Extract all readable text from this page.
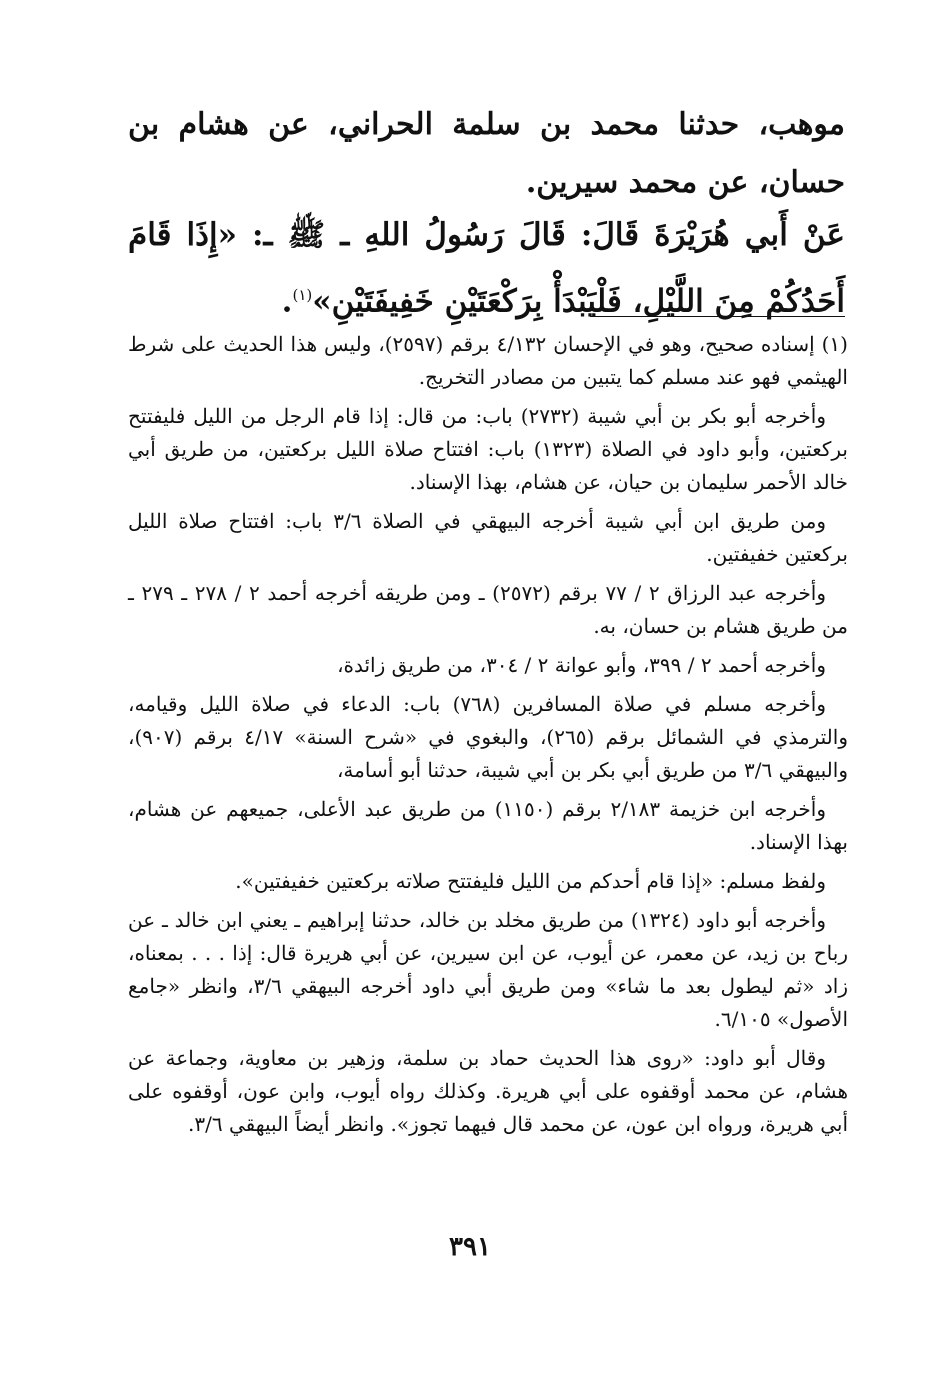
موهب، حدثنا محمد بن سلمة الحراني، عن هشام بن حسان، عن محمد سيرين.
عَنْ أَبي هُرَيْرَةَ قَالَ: قَالَ رَسُولُ اللهِ ـ ﷺ ـ: «إِذَا قَامَ أَحَدُكُمْ مِنَ اللَّيْلِ، فَلْيَبْدَأْ بِرَكْعَتَيْنِ خَفِيفَتَيْنِ»$^{(١)}$.

(١) إسناده صحيح، وهو في الإحسان ٤/١٣٢ برقم (٢٥٩٧)، وليس هذا الحديث على شرط الهيثمي فهو عند مسلم كما يتبين من مصادر التخريج.

وأخرجه أبو بكر بن أبي شيبة (٢٧٣٢) باب: من قال: إذا قام الرجل من الليل فليفتتح بركعتين، وأبو داود في الصلاة (١٣٢٣) باب: افتتاح صلاة الليل بركعتين، من طريق أبي خالد الأحمر سليمان بن حيان، عن هشام، بهذا الإسناد.

ومن طريق ابن أبي شيبة أخرجه البيهقي في الصلاة ٣/٦ باب: افتتاح صلاة الليل بركعتين خفيفتين.

وأخرجه عبد الرزاق ٢ / ٧٧ برقم (٢٥٧٢) ـ ومن طريقه أخرجه أحمد ٢ / ٢٧٨ ـ ٢٧٩ ـ من طريق هشام بن حسان، به.

وأخرجه أحمد ٢ / ٣٩٩، وأبو عوانة ٢ / ٣٠٤، من طريق زائدة،

وأخرجه مسلم في صلاة المسافرين (٧٦٨) باب: الدعاء في صلاة الليل وقيامه، والترمذي في الشمائل برقم (٢٦٥)، والبغوي في «شرح السنة» ٤/١٧ برقم (٩٠٧)، والبيهقي ٣/٦ من طريق أبي بكر بن أبي شيبة، حدثنا أبو أسامة،

وأخرجه ابن خزيمة ٢/١٨٣ برقم (١١٥٠) من طريق عبد الأعلى، جميعهم عن هشام، بهذا الإسناد.

ولفظ مسلم: «إذا قام أحدكم من الليل فليفتتح صلاته بركعتين خفيفتين».

وأخرجه أبو داود (١٣٢٤) من طريق مخلد بن خالد، حدثنا إبراهيم ـ يعني ابن خالد ـ عن رباح بن زيد، عن معمر، عن أيوب، عن ابن سيرين، عن أبي هريرة قال: إذا . . . بمعناه، زاد «ثم ليطول بعد ما شاء» ومن طريق أبي داود أخرجه البيهقي ٣/٦، وانظر «جامع الأصول» ٦/١٠٥.

وقال أبو داود: «روى هذا الحديث حماد بن سلمة، وزهير بن معاوية، وجماعة عن هشام، عن محمد أوقفوه على أبي هريرة. وكذلك رواه أيوب، وابن عون، أوقفوه على أبي هريرة، ورواه ابن عون، عن محمد قال فيهما تجوز». وانظر أيضاً البيهقي ٣/٦.

٣٩١
